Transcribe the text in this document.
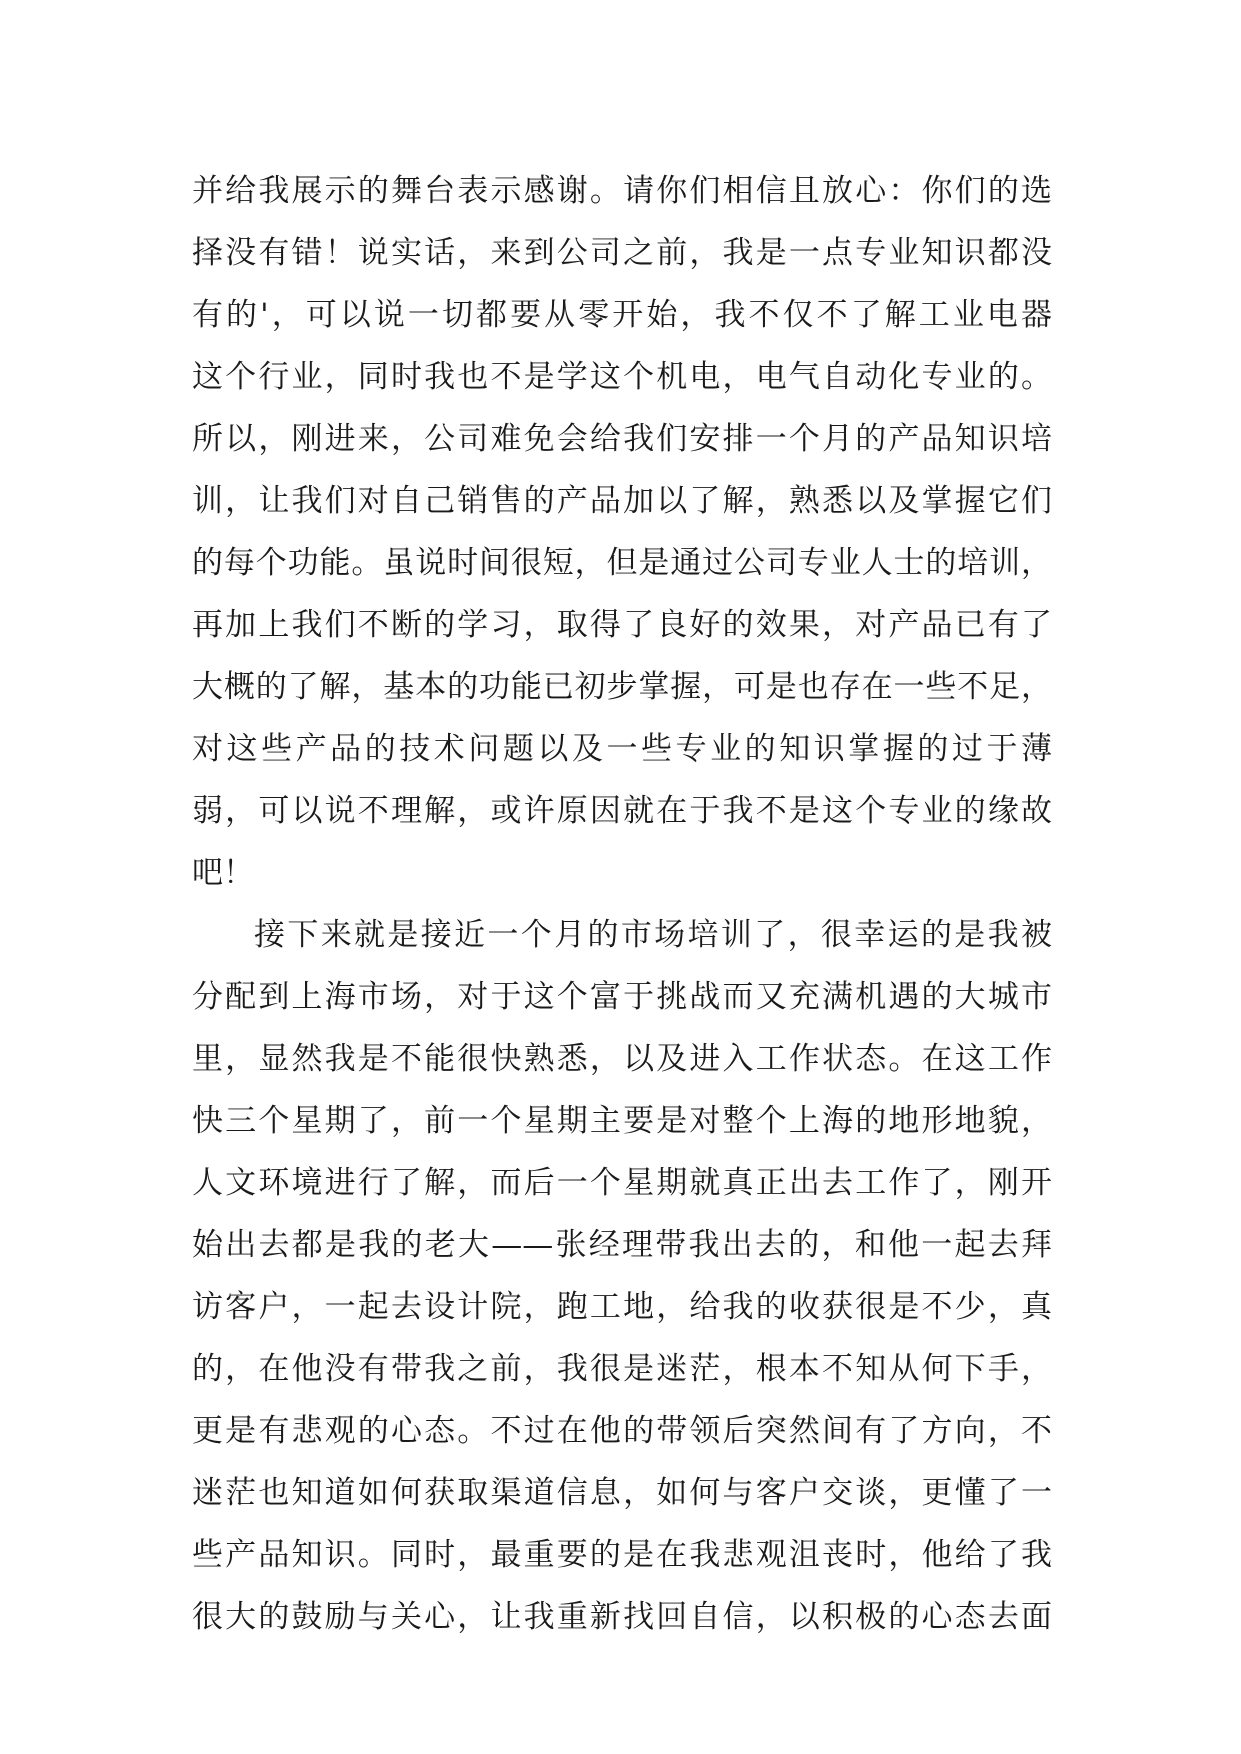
并给我展示的舞台表示感谢。请你们相信且放心：你们的选
择没有错！说实话，来到公司之前，我是一点专业知识都没
有的'，可以说一切都要从零开始，我不仅不了解工业电器
这个行业，同时我也不是学这个机电，电气自动化专业的。
所以，刚进来，公司难免会给我们安排一个月的产品知识培
训，让我们对自己销售的产品加以了解，熟悉以及掌握它们
的每个功能。虽说时间很短，但是通过公司专业人士的培训，
再加上我们不断的学习，取得了良好的效果，对产品已有了
大概的了解，基本的功能已初步掌握，可是也存在一些不足，
对这些产品的技术问题以及一些专业的知识掌握的过于薄
弱，可以说不理解，或许原因就在于我不是这个专业的缘故
吧！
接下来就是接近一个月的市场培训了，很幸运的是我被
分配到上海市场，对于这个富于挑战而又充满机遇的大城市
里，显然我是不能很快熟悉，以及进入工作状态。在这工作
快三个星期了，前一个星期主要是对整个上海的地形地貌，
人文环境进行了解，而后一个星期就真正出去工作了，刚开
始出去都是我的老大——张经理带我出去的，和他一起去拜
访客户，一起去设计院，跑工地，给我的收获很是不少，真
的，在他没有带我之前，我很是迷茫，根本不知从何下手，
更是有悲观的心态。不过在他的带领后突然间有了方向，不
迷茫也知道如何获取渠道信息，如何与客户交谈，更懂了一
些产品知识。同时，最重要的是在我悲观沮丧时，他给了我
很大的鼓励与关心，让我重新找回自信，以积极的心态去面
